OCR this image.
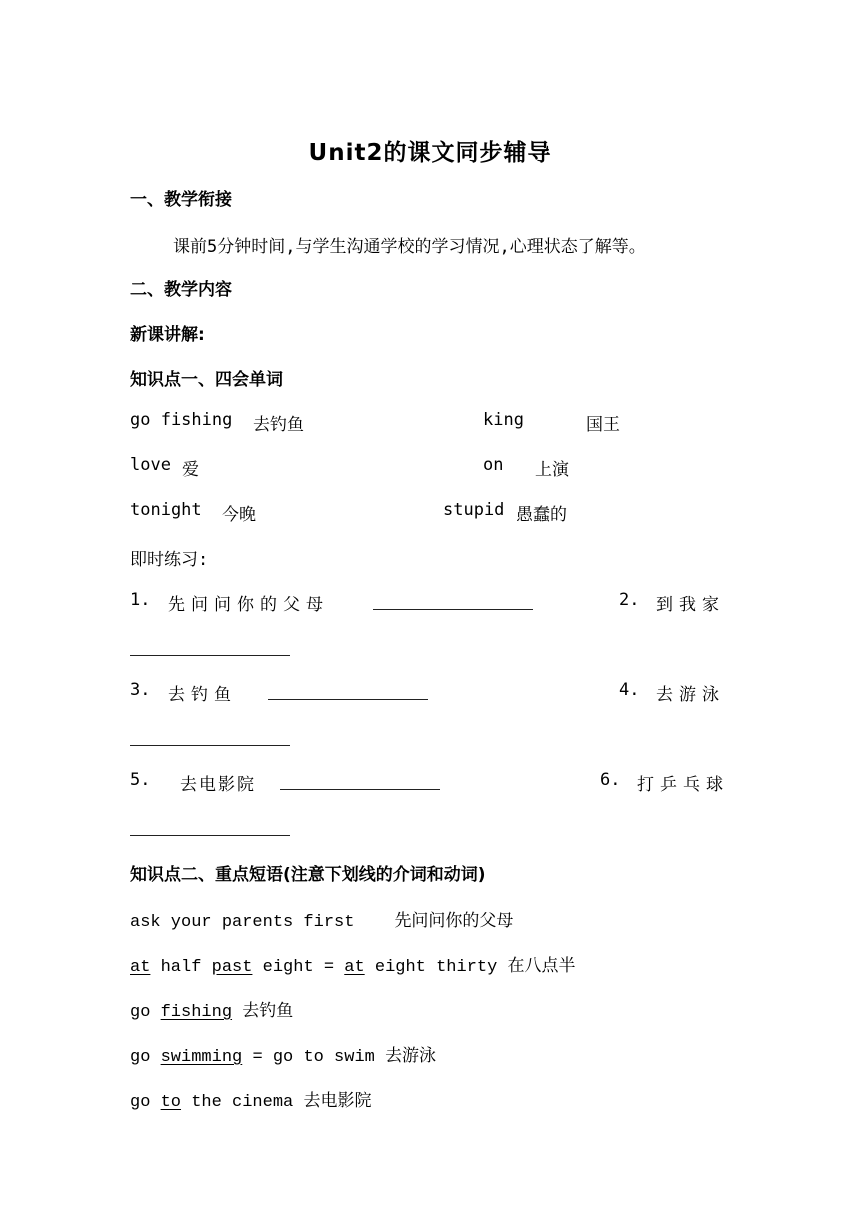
Unit2的课文同步辅导
一、教学衔接
课前5分钟时间,与学生沟通学校的学习情况,心理状态了解等。
二、教学内容
新课讲解:
知识点一、四会单词
go fishing 去钓鱼	king	国王
love 爱	on 上演
tonight 今晚	stupid 愚蠢的
即时练习:
1. 先问问你的父母	2. 到我家
3. 去钓鱼	4. 去游泳
5. 去电影院	6. 打乒乓球
知识点二、重点短语(注意下划线的介词和动词)
ask your parents first 先问问你的父母
at half past eight = at eight thirty 在八点半
go fishing 去钓鱼
go swimming = go to swim 去游泳
go to the cinema 去电影院
